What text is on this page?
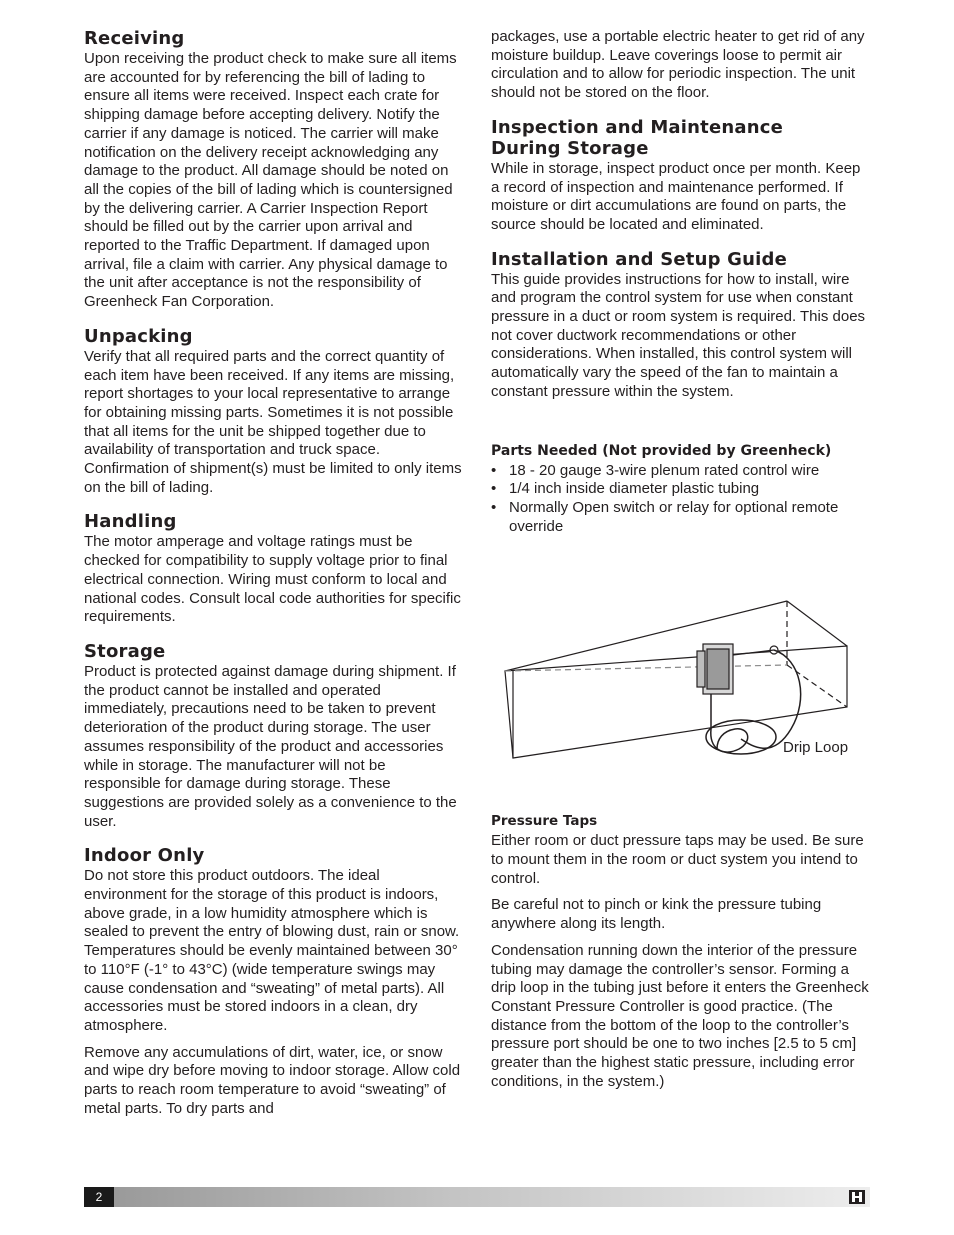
Receiving

Upon receiving the product check to make sure all items are accounted for by referencing the bill of lading to ensure all items were received. Inspect each crate for shipping damage before accepting delivery. Notify the carrier if any damage is noticed. The carrier will make notification on the delivery receipt acknowledging any damage to the product. All damage should be noted on all the copies of the bill of lading which is countersigned by the delivering carrier. A Carrier Inspection Report should be filled out by the carrier upon arrival and reported to the Traffic Department. If damaged upon arrival, file a claim with carrier. Any physical damage to the unit after acceptance is not the responsibility of Greenheck Fan Corporation.

Unpacking

Verify that all required parts and the correct quantity of each item have been received. If any items are missing, report shortages to your local representative to arrange for obtaining missing parts. Sometimes it is not possible that all items for the unit be shipped together due to availability of transportation and truck space. Confirmation of shipment(s) must be limited to only items on the bill of lading.

Handling

The motor amperage and voltage ratings must be checked for compatibility to supply voltage prior to final electrical connection. Wiring must conform to local and national codes. Consult local code authorities for specific requirements.

Storage

Product is protected against damage during shipment. If the product cannot be installed and operated immediately, precautions need to be taken to prevent deterioration of the product during storage. The user assumes responsibility of the product and accessories while in storage. The manufacturer will not be responsible for damage during storage. These suggestions are provided solely as a convenience to the user.

Indoor Only

Do not store this product outdoors. The ideal environment for the storage of this product is indoors, above grade, in a low humidity atmosphere which is sealed to prevent the entry of blowing dust, rain or snow. Temperatures should be evenly maintained between 30° to 110°F (-1° to 43°C) (wide temperature swings may cause condensation and “sweating” of metal parts). All accessories must be stored indoors in a clean, dry atmosphere.

Remove any accumulations of dirt, water, ice, or snow and wipe dry before moving to indoor storage. Allow cold parts to reach room temperature to avoid “sweating” of metal parts. To dry parts and

packages, use a portable electric heater to get rid of any moisture buildup. Leave coverings loose to permit air circulation and to allow for periodic inspection. The unit should not be stored on the floor.

Inspection and Maintenance
During Storage

While in storage, inspect product once per month. Keep a record of inspection and maintenance performed. If moisture or dirt accumulations are found on parts, the source should be located and eliminated.

Installation and Setup Guide

This guide provides instructions for how to install, wire and program the control system for use when constant pressure in a duct or room system is required. This does not cover ductwork recommendations or other considerations. When installed, this control system will automatically vary the speed of the fan to maintain a constant pressure within the system.

Parts Needed (Not provided by Greenheck)
• 18 - 20 gauge 3-wire plenum rated control wire
• 1/4 inch inside diameter plastic tubing
• Normally Open switch or relay for optional remote override
Drip Loop
Pressure Taps

Either room or duct pressure taps may be used. Be sure to mount them in the room or duct system you intend to control.

Be careful not to pinch or kink the pressure tubing anywhere along its length.

Condensation running down the interior of the pressure tubing may damage the controller’s sensor. Forming a drip loop in the tubing just before it enters the Greenheck Constant Pressure Controller is good practice. (The distance from the bottom of the loop to the controller’s pressure port should be one to two inches [2.5 to 5 cm] greater than the highest static pressure, including error conditions, in the system.)

2
